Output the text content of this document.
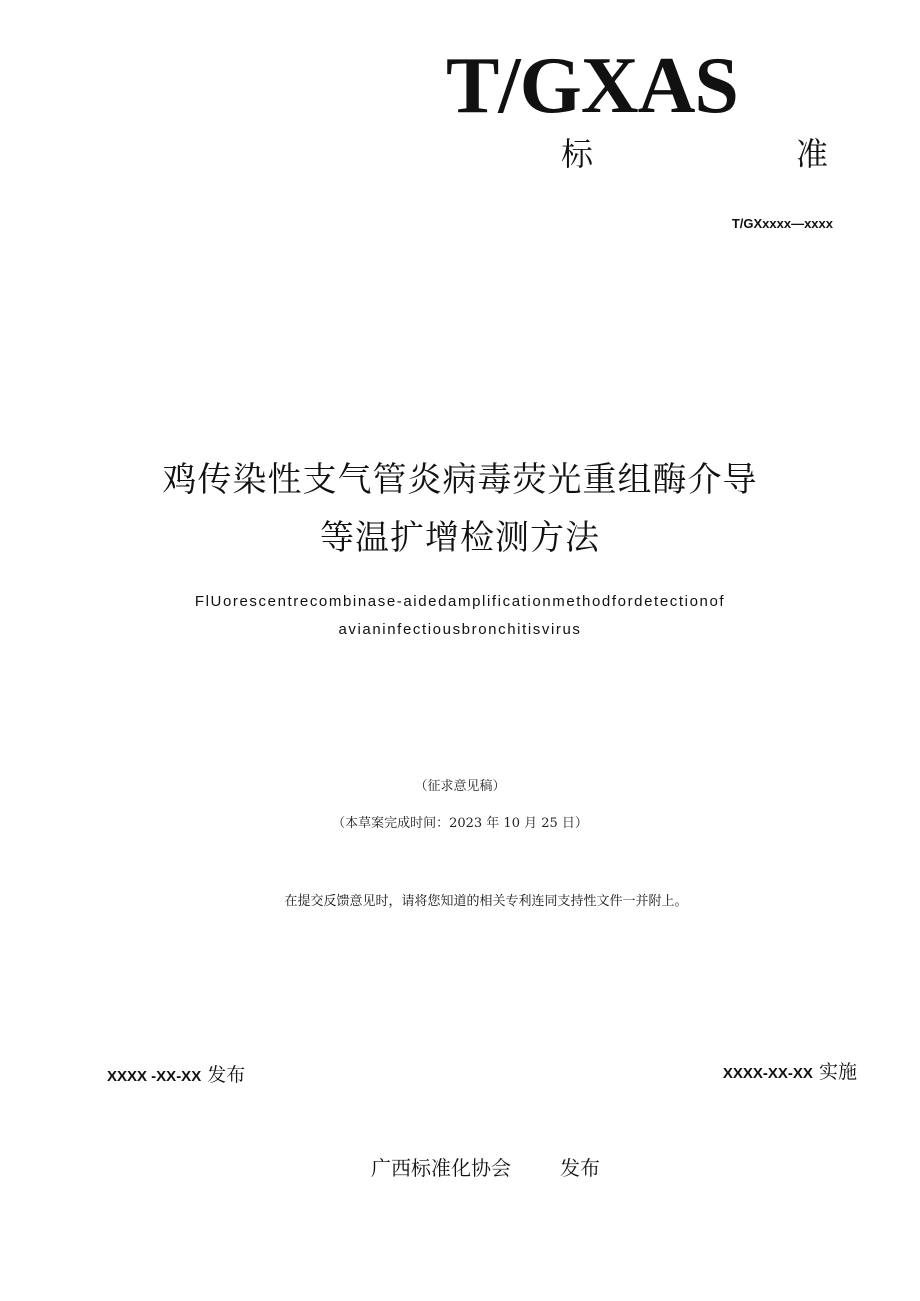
T/GXAS
标	准
T/GXxxxx—xxxx
鸡传染性支气管炎病毒荧光重组酶介导
等温扩增检测方法
FlUorescentrecombinase-aidedamplificationmethodfordetectionof
avianinfectiousbronchitisvirus
（征求意见稿）
（本草案完成时间：2023 年 10 月 25 日）
在提交反馈意见时，请将您知道的相关专利连同支持性文件一并附上。
XXXX -XX-XX 发布	XXXX-XX-XX 实施
广西标准化协会 发布
